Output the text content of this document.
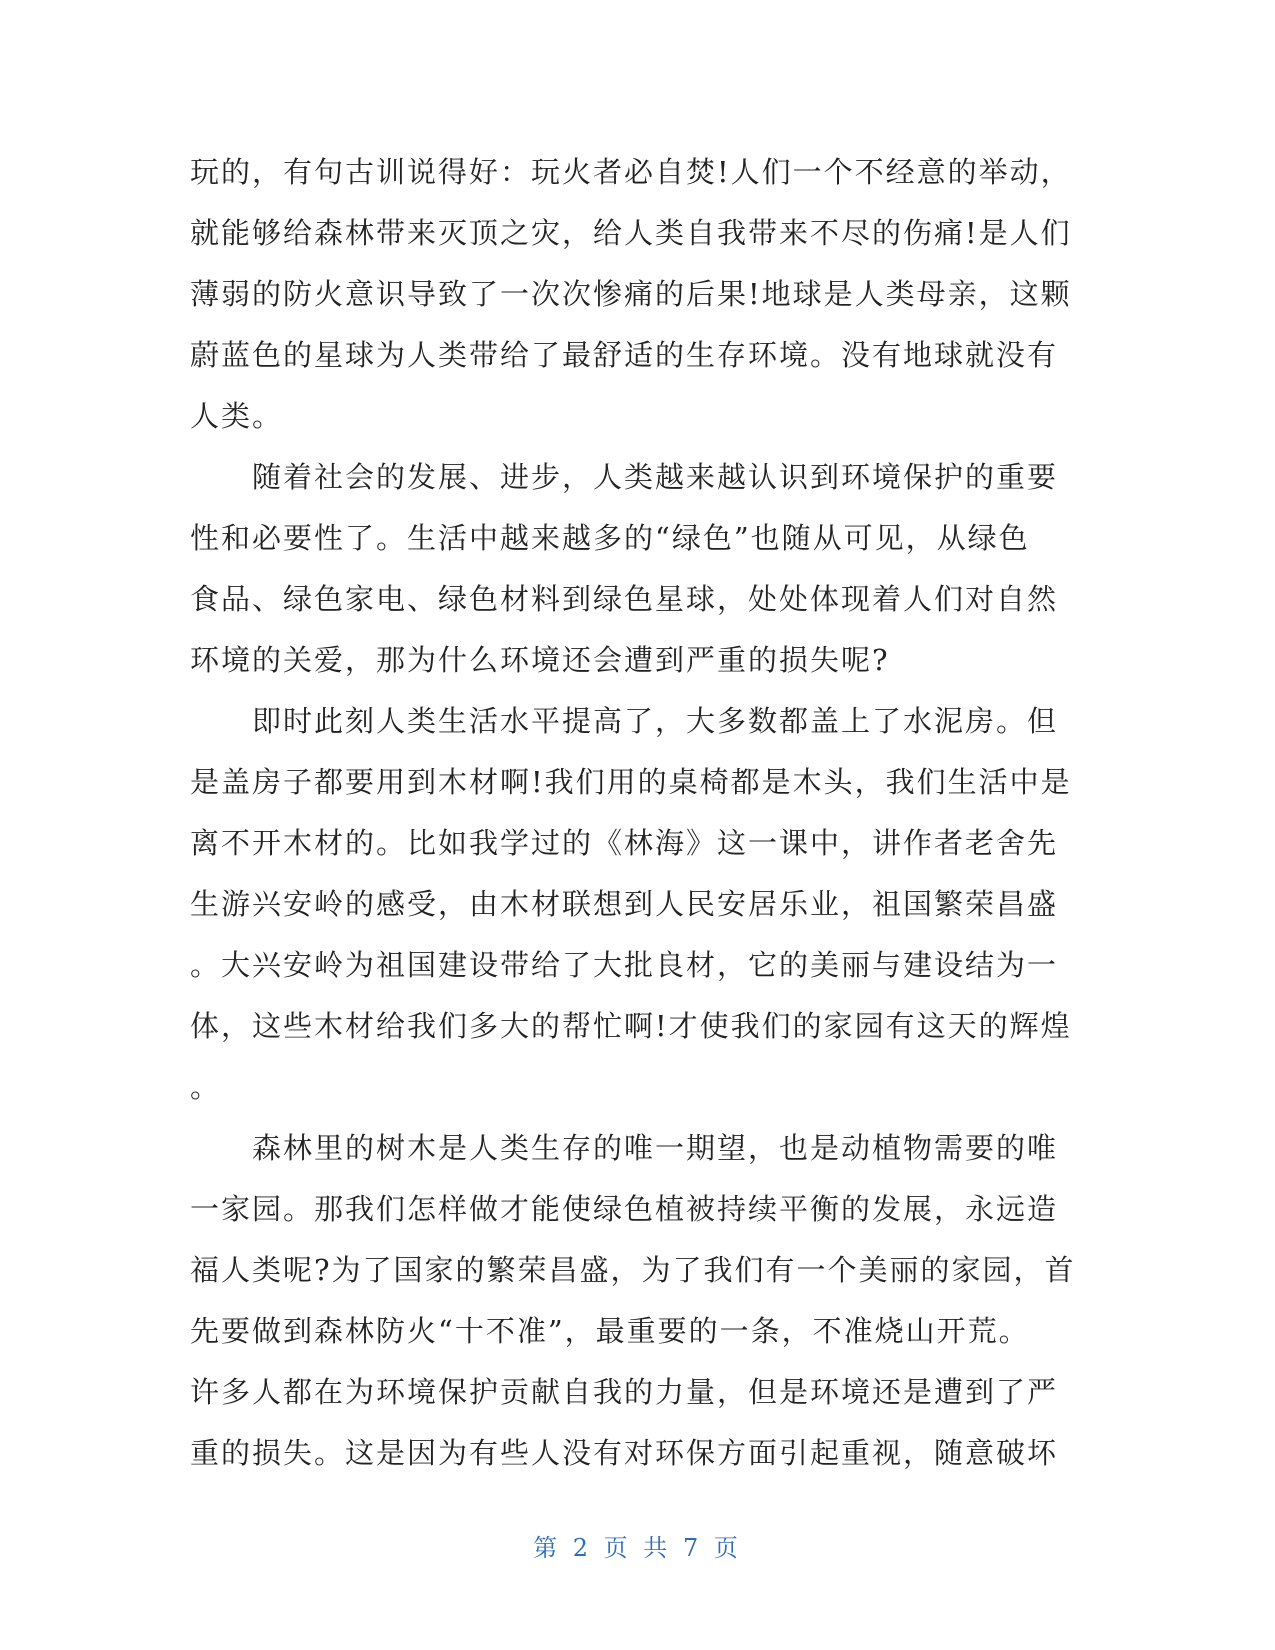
玩的，有句古训说得好：玩火者必自焚!人们一个不经意的举动，
就能够给森林带来灭顶之灾，给人类自我带来不尽的伤痛!是人们
薄弱的防火意识导致了一次次惨痛的后果!地球是人类母亲，这颗
蔚蓝色的星球为人类带给了最舒适的生存环境。没有地球就没有
人类。

随着社会的发展、进步，人类越来越认识到环境保护的重要
性和必要性了。生活中越来越多的“绿色”也随从可见，从绿色
食品、绿色家电、绿色材料到绿色星球，处处体现着人们对自然
环境的关爱，那为什么环境还会遭到严重的损失呢?

即时此刻人类生活水平提高了，大多数都盖上了水泥房。但
是盖房子都要用到木材啊!我们用的桌椅都是木头，我们生活中是
离不开木材的。比如我学过的《林海》这一课中，讲作者老舍先
生游兴安岭的感受，由木材联想到人民安居乐业，祖国繁荣昌盛
。大兴安岭为祖国建设带给了大批良材，它的美丽与建设结为一
体，这些木材给我们多大的帮忙啊!才使我们的家园有这天的辉煌
。

森林里的树木是人类生存的唯一期望，也是动植物需要的唯
一家园。那我们怎样做才能使绿色植被持续平衡的发展，永远造
福人类呢?为了国家的繁荣昌盛，为了我们有一个美丽的家园，首
先要做到森林防火“十不准”，最重要的一条，不准烧山开荒。
许多人都在为环境保护贡献自我的力量，但是环境还是遭到了严
重的损失。这是因为有些人没有对环保方面引起重视，随意破坏

第 2 页 共 7 页
